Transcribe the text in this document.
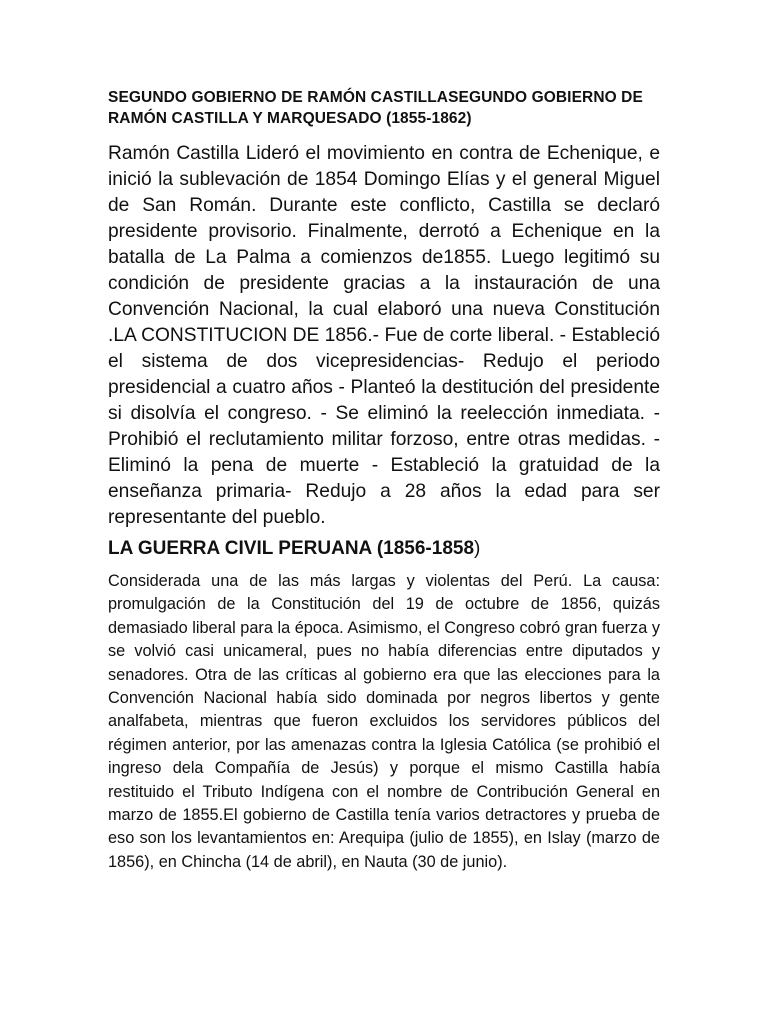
SEGUNDO GOBIERNO DE RAMÓN CASTILLASEGUNDO GOBIERNO DE RAMÓN CASTILLA Y MARQUESADO (1855-1862)

Ramón Castilla Lideró el movimiento en contra de Echenique, e inició la sublevación de 1854 Domingo Elías y el general Miguel de San Román. Durante este conflicto, Castilla se declaró presidente provisorio. Finalmente, derrotó a Echenique en la batalla de La Palma a comienzos de1855. Luego legitimó su condición de presidente gracias a la instauración de una Convención Nacional, la cual elaboró una nueva Constitución .LA CONSTITUCION DE 1856.- Fue de corte liberal. - Estableció el sistema de dos vicepresidencias- Redujo el periodo presidencial a cuatro años - Planteó la destitución del presidente si disolvía el congreso. - Se eliminó la reelección inmediata. - Prohibió el reclutamiento militar forzoso, entre otras medidas. - Eliminó la pena de muerte - Estableció la gratuidad de la enseñanza primaria- Redujo a 28 años la edad para ser representante del pueblo.

LA GUERRA CIVIL PERUANA (1856-1858)

Considerada una de las más largas y violentas del Perú. La causa: promulgación de la Constitución del 19 de octubre de 1856, quizás demasiado liberal para la época. Asimismo, el Congreso cobró gran fuerza y se volvió casi unicameral, pues no había diferencias entre diputados y senadores. Otra de las críticas al gobierno era que las elecciones para la Convención Nacional había sido dominada por negros libertos y gente analfabeta, mientras que fueron excluidos los servidores públicos del régimen anterior, por las amenazas contra la Iglesia Católica (se prohibió el ingreso dela Compañía de Jesús) y porque el mismo Castilla había restituido el Tributo Indígena con el nombre de Contribución General en marzo de 1855.El gobierno de Castilla tenía varios detractores y prueba de eso son los levantamientos en: Arequipa (julio de 1855), en Islay (marzo de 1856), en Chincha (14 de abril), en Nauta (30 de junio).
